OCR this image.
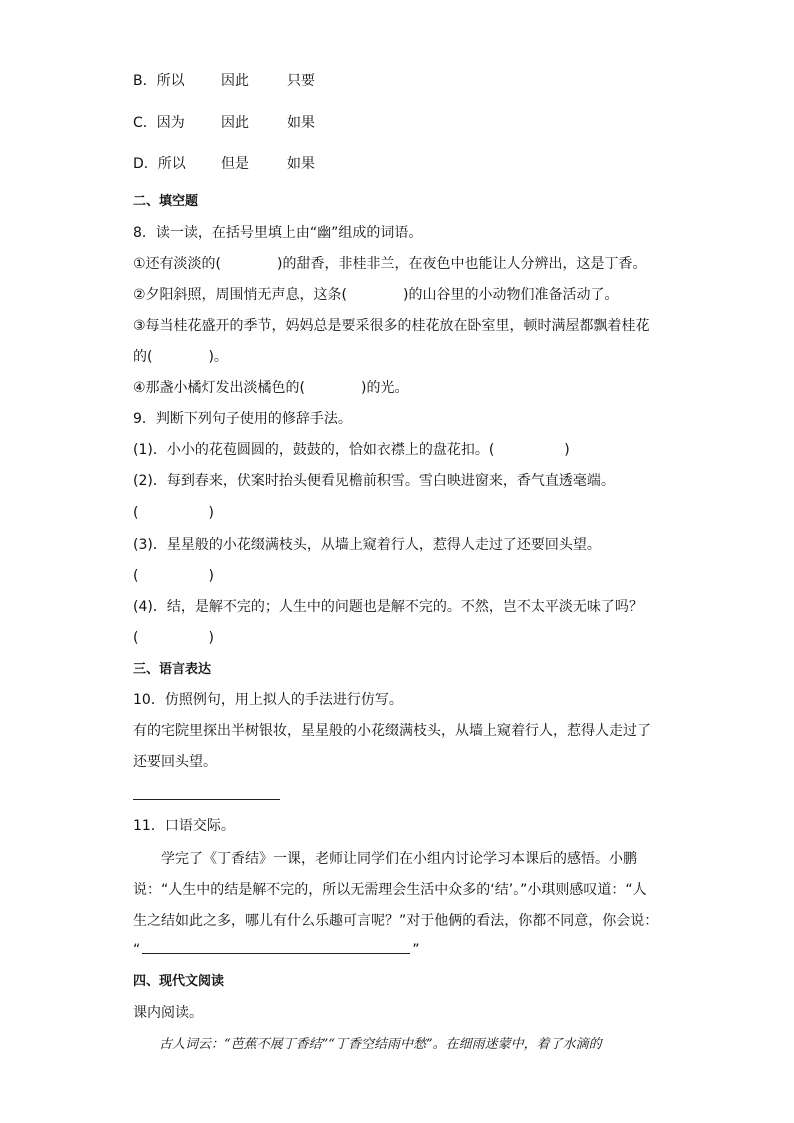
B．所以	因此	只要
C．因为	因此	如果
D．所以	但是	如果
二、填空题
8．读一读，在括号里填上由“幽”组成的词语。
①还有淡淡的(　　　　)的甜香，非桂非兰，在夜色中也能让人分辨出，这是丁香。
②夕阳斜照，周围悄无声息，这条(　　　　)的山谷里的小动物们准备活动了。
③每当桂花盛开的季节，妈妈总是要采很多的桂花放在卧室里，顿时满屋都飘着桂花
的(　　　　)。
④那盏小橘灯发出淡橘色的(　　　　)的光。
9．判断下列句子使用的修辞手法。
(1)．小小的花苞圆圆的，鼓鼓的，恰如衣襟上的盘花扣。(　　　　　)
(2)．每到春来，伏案时抬头便看见檐前积雪。雪白映进窗来，香气直透毫端。
(　　　　　)
(3)．星星般的小花缀满枝头，从墙上窥着行人，惹得人走过了还要回头望。
(　　　　　)
(4)．结，是解不完的；人生中的问题也是解不完的。不然，岂不太平淡无味了吗？
(　　　　　)
三、语言表达
10．仿照例句，用上拟人的手法进行仿写。
有的宅院里探出半树银妆，星星般的小花缀满枝头，从墙上窥着行人，惹得人走过了
还要回头望。
11．口语交际。
　　学完了《丁香结》一课，老师让同学们在小组内讨论学习本课后的感悟。小鹏
说：“人生中的结是解不完的，所以无需理会生活中众多的‘结’。”小琪则感叹道：“人
生之结如此之多，哪儿有什么乐趣可言呢？”对于他俩的看法，你都不同意，你会说：
“	”
四、现代文阅读
课内阅读。
　　古人词云：“芭蕉不展丁香结”“丁香空结雨中愁”。在细雨迷蒙中，着了水滴的
